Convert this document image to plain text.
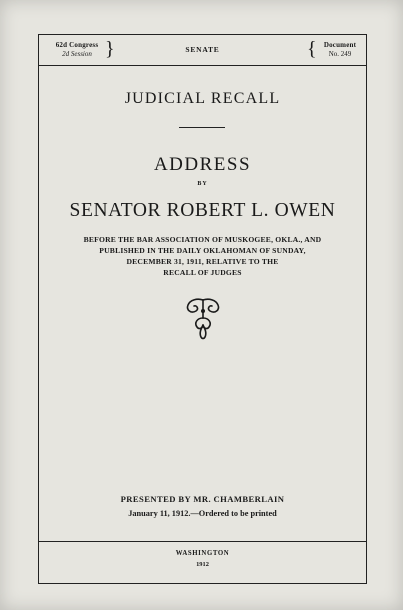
62d Congress
2d Session }	SENATE	{	Document
No. 249
JUDICIAL RECALL
ADDRESS
BY
SENATOR ROBERT L. OWEN
BEFORE THE BAR ASSOCIATION OF MUSKOGEE, OKLA., AND
PUBLISHED IN THE DAILY OKLAHOMAN OF SUNDAY,
DECEMBER 31, 1911, RELATIVE TO THE
RECALL OF JUDGES
PRESENTED BY MR. CHAMBERLAIN
January 11, 1912.—Ordered to be printed
WASHINGTON
1912
